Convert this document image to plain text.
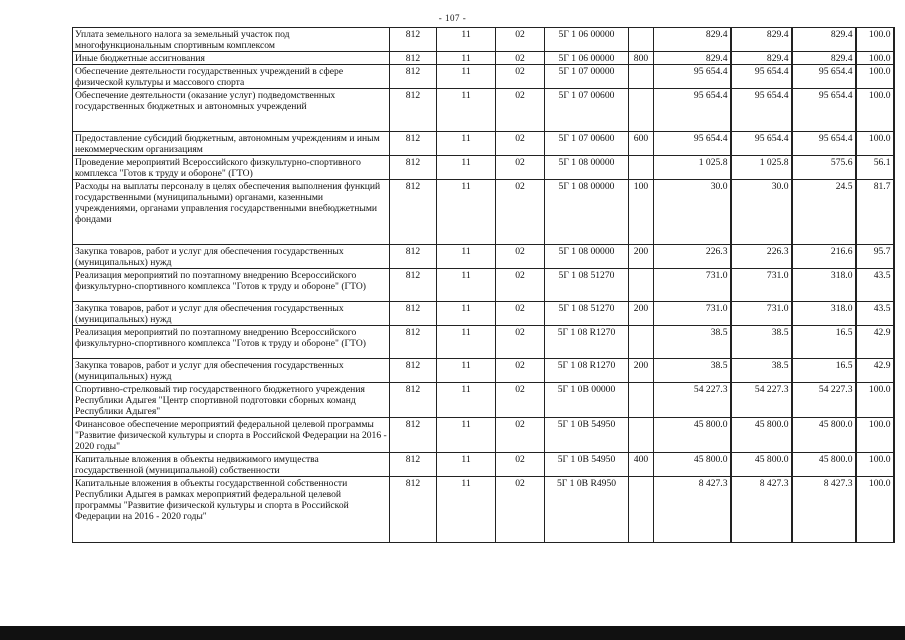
- 107 -
Уплата земельного налога за земельный участок под многофункциональным спортивным комплексом	812	11	02	5Г 1 06 00000		829.4	829.4	829.4	100.0
Иные бюджетные ассигнования	812	11	02	5Г 1 06 00000	800	829.4	829.4	829.4	100.0
Обеспечение деятельности государственных учреждений в сфере физической культуры и массового спорта	812	11	02	5Г 1 07 00000		95 654.4	95 654.4	95 654.4	100.0
Обеспечение деятельности (оказание услуг) подведомственных государственных бюджетных и автономных учреждений	812	11	02	5Г 1 07 00600		95 654.4	95 654.4	95 654.4	100.0
Предоставление субсидий бюджетным, автономным учреждениям и иным некоммерческим организациям	812	11	02	5Г 1 07 00600	600	95 654.4	95 654.4	95 654.4	100.0
Проведение мероприятий Всероссийского физкультурно-спортивного комплекса "Готов к труду и обороне" (ГТО)	812	11	02	5Г 1 08 00000		1 025.8	1 025.8	575.6	56.1
Расходы на выплаты персоналу в целях обеспечения выполнения функций государственными (муниципальными) органами, казенными учреждениями, органами управления государственными внебюджетными фондами	812	11	02	5Г 1 08 00000	100	30.0	30.0	24.5	81.7
Закупка товаров, работ и услуг для обеспечения государственных (муниципальных) нужд	812	11	02	5Г 1 08 00000	200	226.3	226.3	216.6	95.7
Реализация мероприятий по поэтапному внедрению Всероссийского физкультурно-спортивного комплекса "Готов к труду и обороне" (ГТО)	812	11	02	5Г 1 08 51270		731.0	731.0	318.0	43.5
Закупка товаров, работ и услуг для обеспечения государственных (муниципальных) нужд	812	11	02	5Г 1 08 51270	200	731.0	731.0	318.0	43.5
Реализация мероприятий по поэтапному внедрению Всероссийского физкультурно-спортивного комплекса "Готов к труду и обороне" (ГТО)	812	11	02	5Г 1 08 R1270		38.5	38.5	16.5	42.9
Закупка товаров, работ и услуг для обеспечения государственных (муниципальных) нужд	812	11	02	5Г 1 08 R1270	200	38.5	38.5	16.5	42.9
Спортивно-стрелковый тир государственного бюджетного учреждения Республики Адыгея "Центр спортивной подготовки сборных команд Республики Адыгея"	812	11	02	5Г 1 0В 00000		54 227.3	54 227.3	54 227.3	100.0
Финансовое обеспечение мероприятий федеральной целевой программы "Развитие физической культуры и спорта в Российской Федерации на 2016 - 2020 годы"	812	11	02	5Г 1 0В 54950		45 800.0	45 800.0	45 800.0	100.0
Капитальные вложения в объекты недвижимого имущества государственной (муниципальной) собственности	812	11	02	5Г 1 0В 54950	400	45 800.0	45 800.0	45 800.0	100.0
Капитальные вложения в объекты государственной собственности Республики Адыгея в рамках мероприятий федеральной целевой программы "Развитие физической культуры и спорта в Российской Федерации на 2016 - 2020 годы"	812	11	02	5Г 1 0В R4950		8 427.3	8 427.3	8 427.3	100.0
